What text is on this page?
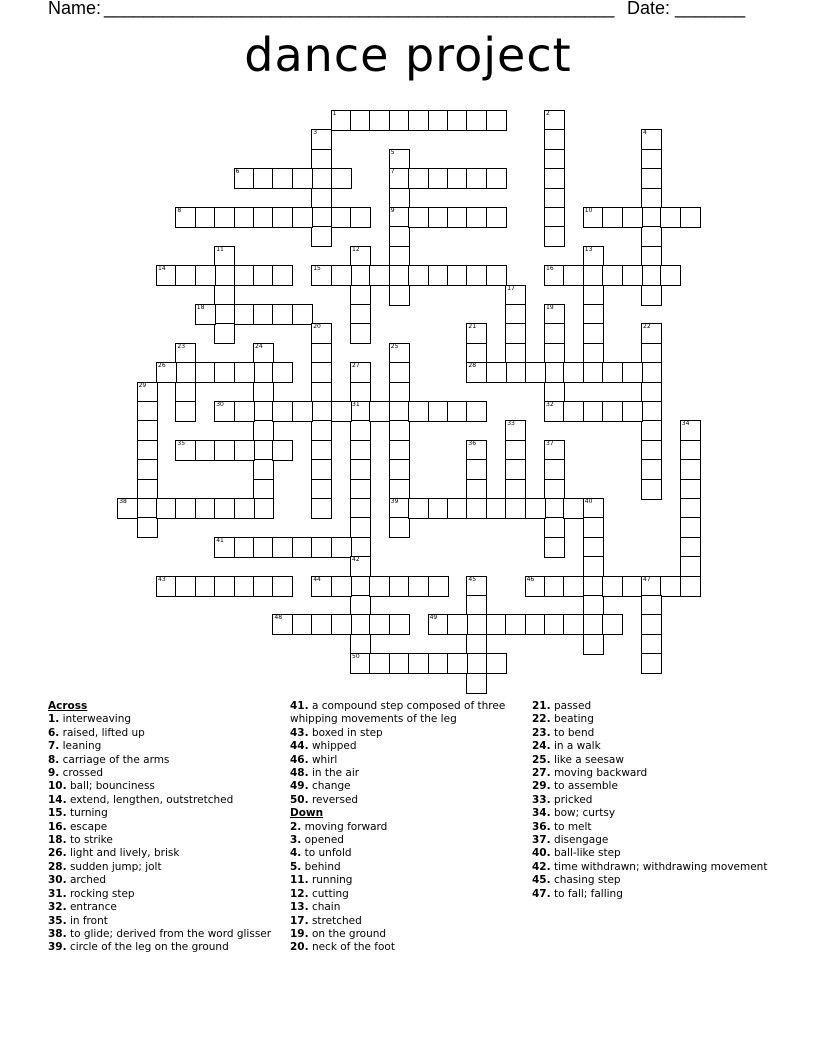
Name: ____________________________________________________ Date: _______
dance project
1	2
3	4
5
7
9
6
8	10
11	12	13
14	15	16
17
18	19
20	21
28
22
23	24	25
39
26	27
31
29
30	32
33	34
35	36	37
38	40
41
42
50
43	44	45	46	47
48	49
Across
1. interweaving
6. raised, lifted up
7. leaning
8. carriage of the arms
9. crossed
10. ball; bounciness
14. extend, lengthen, outstretched
15. turning
16. escape
18. to strike
26. light and lively, brisk
28. sudden jump; jolt
30. arched
31. rocking step
32. entrance
35. in front
38. to glide; derived from the word glisser
39. circle of the leg on the ground
41. a compound step composed of three whipping movements of the leg
43. boxed in step
44. whipped
46. whirl
48. in the air
49. change
50. reversed
Down
2. moving forward
3. opened
4. to unfold
5. behind
11. running
12. cutting
13. chain
17. stretched
19. on the ground
20. neck of the foot
21. passed
22. beating
23. to bend
24. in a walk
25. like a seesaw
27. moving backward
29. to assemble
33. pricked
34. bow; curtsy
36. to melt
37. disengage
40. ball-like step
42. time withdrawn; withdrawing movement
45. chasing step
47. to fall; falling
